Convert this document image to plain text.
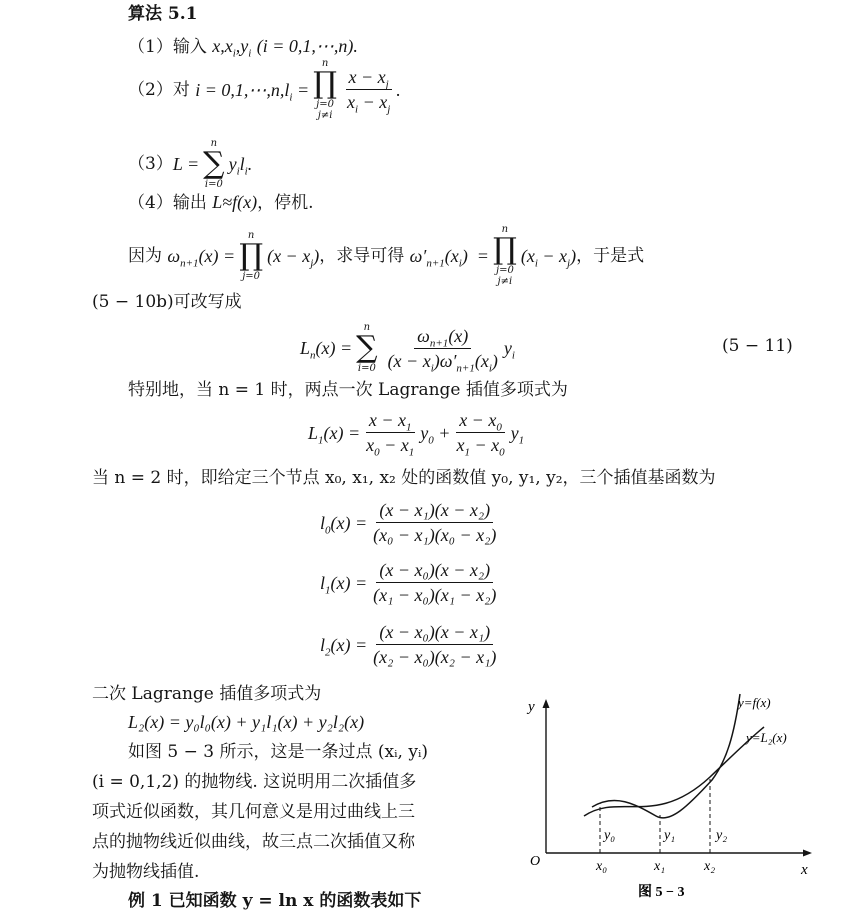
算法 5.1
（1）输入 $x,x_i,y_i$ (i = 0,1,⋯,n).
（2） 对
i = 0,1,⋯,n, $l_i$ =
n
∏
j=0
j≠i
$\frac{x - x_j}{x_i - x_j}$ .
（3） L =
n
∑
i=0
$y_il_i$ .
（4）输出 L≈f(x)，停机.
因为
$\omega_{n+1}(x)$ =
n
∏
j=0
$(x - x_j)$ ，求导可得
$\omega'_{n+1}(x_i)$  =
n
∏
j=0
j≠i
$(x_i - x_j)$ ，于是式
(5 − 10b)可改写成
$L_n(x)$ =
n
∑
$i=0 \frac{\omega_{n+1}(x)}{(x - x_i)\omega'_{n+1}(x_i)} y_i$	(5 − 11)
特别地，当 n = 1 时，两点一次 Lagrange 插值多项式为
$L_1(x) = \frac{x - x_1}{x_0 - x_1} y_0 + \frac{x - x_0}{x_1 - x_0} y_1$
当 n = 2 时，即给定三个节点 x₀, x₁, x₂ 处的函数值 y₀, y₁, y₂，三个插值基函数为
$l_0(x) = \frac{\text{(x − x₁)(x − x₂)}}{\text{(x₀ − x₁)(x₀ − x₂)}}$
$l_1(x) = \frac{\text{(x − x₀)(x − x₂)}}{\text{(x₁ − x₀)(x₁ − x₂)}}$
$l_2(x) = \frac{\text{(x − x₀)(x − x₁)}}{\text{(x₂ − x₀)(x₂ − x₁)}}$
二次 Lagrange 插值多项式为
L₂(x) = y₀l₀(x) + y₁l₁(x) + y₂l₂(x)
如图 5 − 3 所示，这是一条过点 (xᵢ, yᵢ)
(i = 0,1,2) 的抛物线. 这说明用二次插值多
项式近似函数，其几何意义是用过曲线上三
点的抛物线近似曲线，故三点二次插值又称
为抛物线插值.
例 1 已知函数 y = ln x 的函数表如下
y
x
O
y₀	y₁	y₂
x₀	x₁	x₂
y=f(x)
y=L₂(x)
图 5 − 3
